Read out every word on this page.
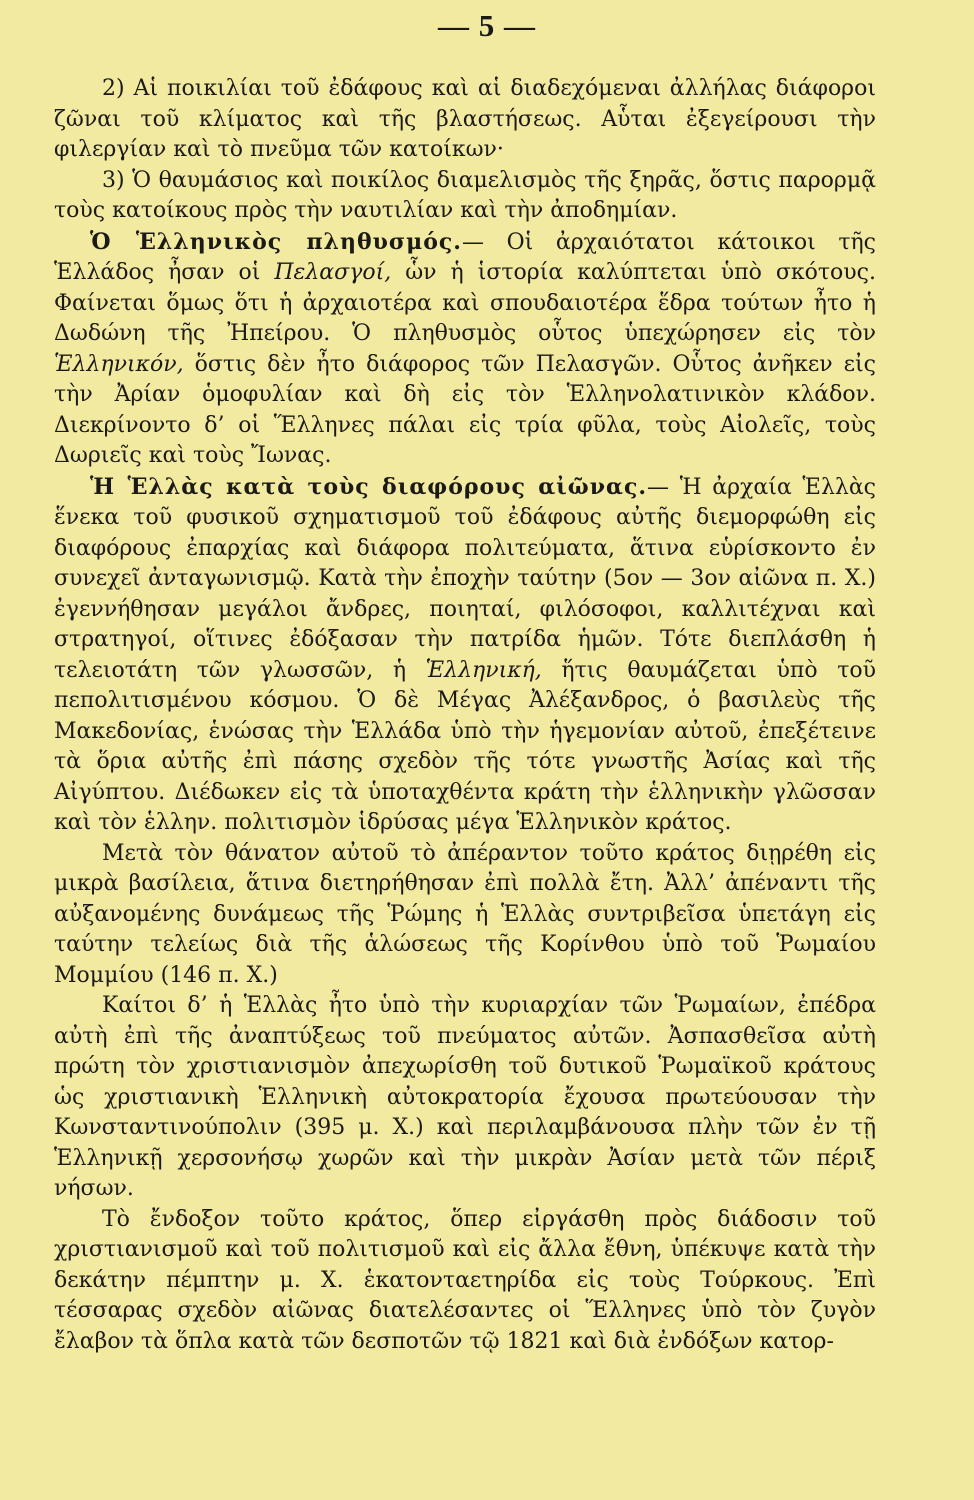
— 5 —

2) Αἱ ποικιλίαι τοῦ ἐδάφους καὶ αἱ διαδεχόμεναι ἀλλήλας διάφοροι ζῶναι τοῦ κλίματος καὶ τῆς βλαστήσεως. Αὗται ἐξεγείρουσι τὴν φιλεργίαν καὶ τὸ πνεῦμα τῶν κατοίκων·

3) Ὁ θαυμάσιος καὶ ποικίλος διαμελισμὸς τῆς ξηρᾶς, ὅστις παρορμᾷ τοὺς κατοίκους πρὸς τὴν ναυτιλίαν καὶ τὴν ἀποδημίαν.

Ὁ Ἑλληνικὸς πληθυσμός.— Οἱ ἀρχαιότατοι κάτοικοι τῆς Ἑλλάδος ἦσαν οἱ Πελασγοί, ὧν ἡ ἱστορία καλύπτεται ὑπὸ σκότους. Φαίνεται ὅμως ὅτι ἡ ἀρχαιοτέρα καὶ σπουδαιοτέρα ἕδρα τούτων ἦτο ἡ Δωδώνη τῆς Ἠπείρου. Ὁ πληθυσμὸς οὗτος ὑπεχώρησεν εἰς τὸν Ἑλληνικόν, ὅστις δὲν ἦτο διάφορος τῶν Πελασγῶν. Οὗτος ἀνῆκεν εἰς τὴν Ἀρίαν ὁμοφυλίαν καὶ δὴ εἰς τὸν Ἑλληνολατινικὸν κλάδον. Διεκρίνοντο δ’ οἱ Ἕλληνες πάλαι εἰς τρία φῦλα, τοὺς Αἰολεῖς, τοὺς Δωριεῖς καὶ τοὺς Ἴωνας.

Ἡ Ἑλλὰς κατὰ τοὺς διαφόρους αἰῶνας.— Ἡ ἀρχαία Ἑλλὰς ἕνεκα τοῦ φυσικοῦ σχηματισμοῦ τοῦ ἐδάφους αὐτῆς διεμορφώθη εἰς διαφόρους ἐπαρχίας καὶ διάφορα πολιτεύματα, ἅτινα εὑρίσκοντο ἐν συνεχεῖ ἀνταγωνισμῷ. Κατὰ τὴν ἐποχὴν ταύτην (5ον — 3ον αἰῶνα π. Χ.) ἐγεννήθησαν μεγάλοι ἄνδρες, ποιηταί, φιλόσοφοι, καλλιτέχναι καὶ στρατηγοί, οἵτινες ἐδόξασαν τὴν πατρίδα ἡμῶν. Τότε διεπλάσθη ἡ τελειοτάτη τῶν γλωσσῶν, ἡ Ἑλληνική, ἥτις θαυμάζεται ὑπὸ τοῦ πεπολιτισμένου κόσμου. Ὁ δὲ Μέγας Ἀλέξανδρος, ὁ βασιλεὺς τῆς Μακεδονίας, ἑνώσας τὴν Ἑλλάδα ὑπὸ τὴν ἡγεμονίαν αὐτοῦ, ἐπεξέτεινε τὰ ὅρια αὐτῆς ἐπὶ πάσης σχεδὸν τῆς τότε γνωστῆς Ἀσίας καὶ τῆς Αἰγύπτου. Διέδωκεν εἰς τὰ ὑποταχθέντα κράτη τὴν ἑλληνικὴν γλῶσσαν καὶ τὸν ἑλλην. πολιτισμὸν ἱδρύσας μέγα Ἑλληνικὸν κράτος.

Μετὰ τὸν θάνατον αὐτοῦ τὸ ἀπέραντον τοῦτο κράτος διῃρέθη εἰς μικρὰ βασίλεια, ἅτινα διετηρήθησαν ἐπὶ πολλὰ ἔτη. Ἀλλ’ ἀπέναντι τῆς αὐξανομένης δυνάμεως τῆς Ῥώμης ἡ Ἑλλὰς συντριβεῖσα ὑπετάγη εἰς ταύτην τελείως διὰ τῆς ἁλώσεως τῆς Κορίνθου ὑπὸ τοῦ Ῥωμαίου Μομμίου (146 π. Χ.)

Καίτοι δ’ ἡ Ἑλλὰς ἦτο ὑπὸ τὴν κυριαρχίαν τῶν Ῥωμαίων, ἐπέδρα αὐτὴ ἐπὶ τῆς ἀναπτύξεως τοῦ πνεύματος αὐτῶν. Ἀσπασθεῖσα αὐτὴ πρώτη τὸν χριστιανισμὸν ἀπεχωρίσθη τοῦ δυτικοῦ Ῥωμαϊκοῦ κράτους ὡς χριστιανικὴ Ἑλληνικὴ αὐτοκρατορία ἔχουσα πρωτεύουσαν τὴν Κωνσταντινούπολιν (395 μ. Χ.) καὶ περιλαμβάνουσα πλὴν τῶν ἐν τῇ Ἑλληνικῇ χερσονήσῳ χωρῶν καὶ τὴν μικρὰν Ἀσίαν μετὰ τῶν πέριξ νήσων.

Τὸ ἔνδοξον τοῦτο κράτος, ὅπερ εἰργάσθη πρὸς διάδοσιν τοῦ χριστιανισμοῦ καὶ τοῦ πολιτισμοῦ καὶ εἰς ἄλλα ἔθνη, ὑπέκυψε κατὰ τὴν δεκάτην πέμπτην μ. Χ. ἑκατονταετηρίδα εἰς τοὺς Τούρκους. Ἐπὶ τέσσαρας σχεδὸν αἰῶνας διατελέσαντες οἱ Ἕλληνες ὑπὸ τὸν ζυγὸν ἔλαβον τὰ ὅπλα κατὰ τῶν δεσποτῶν τῷ 1821 καὶ διὰ ἐνδόξων κατορ-
